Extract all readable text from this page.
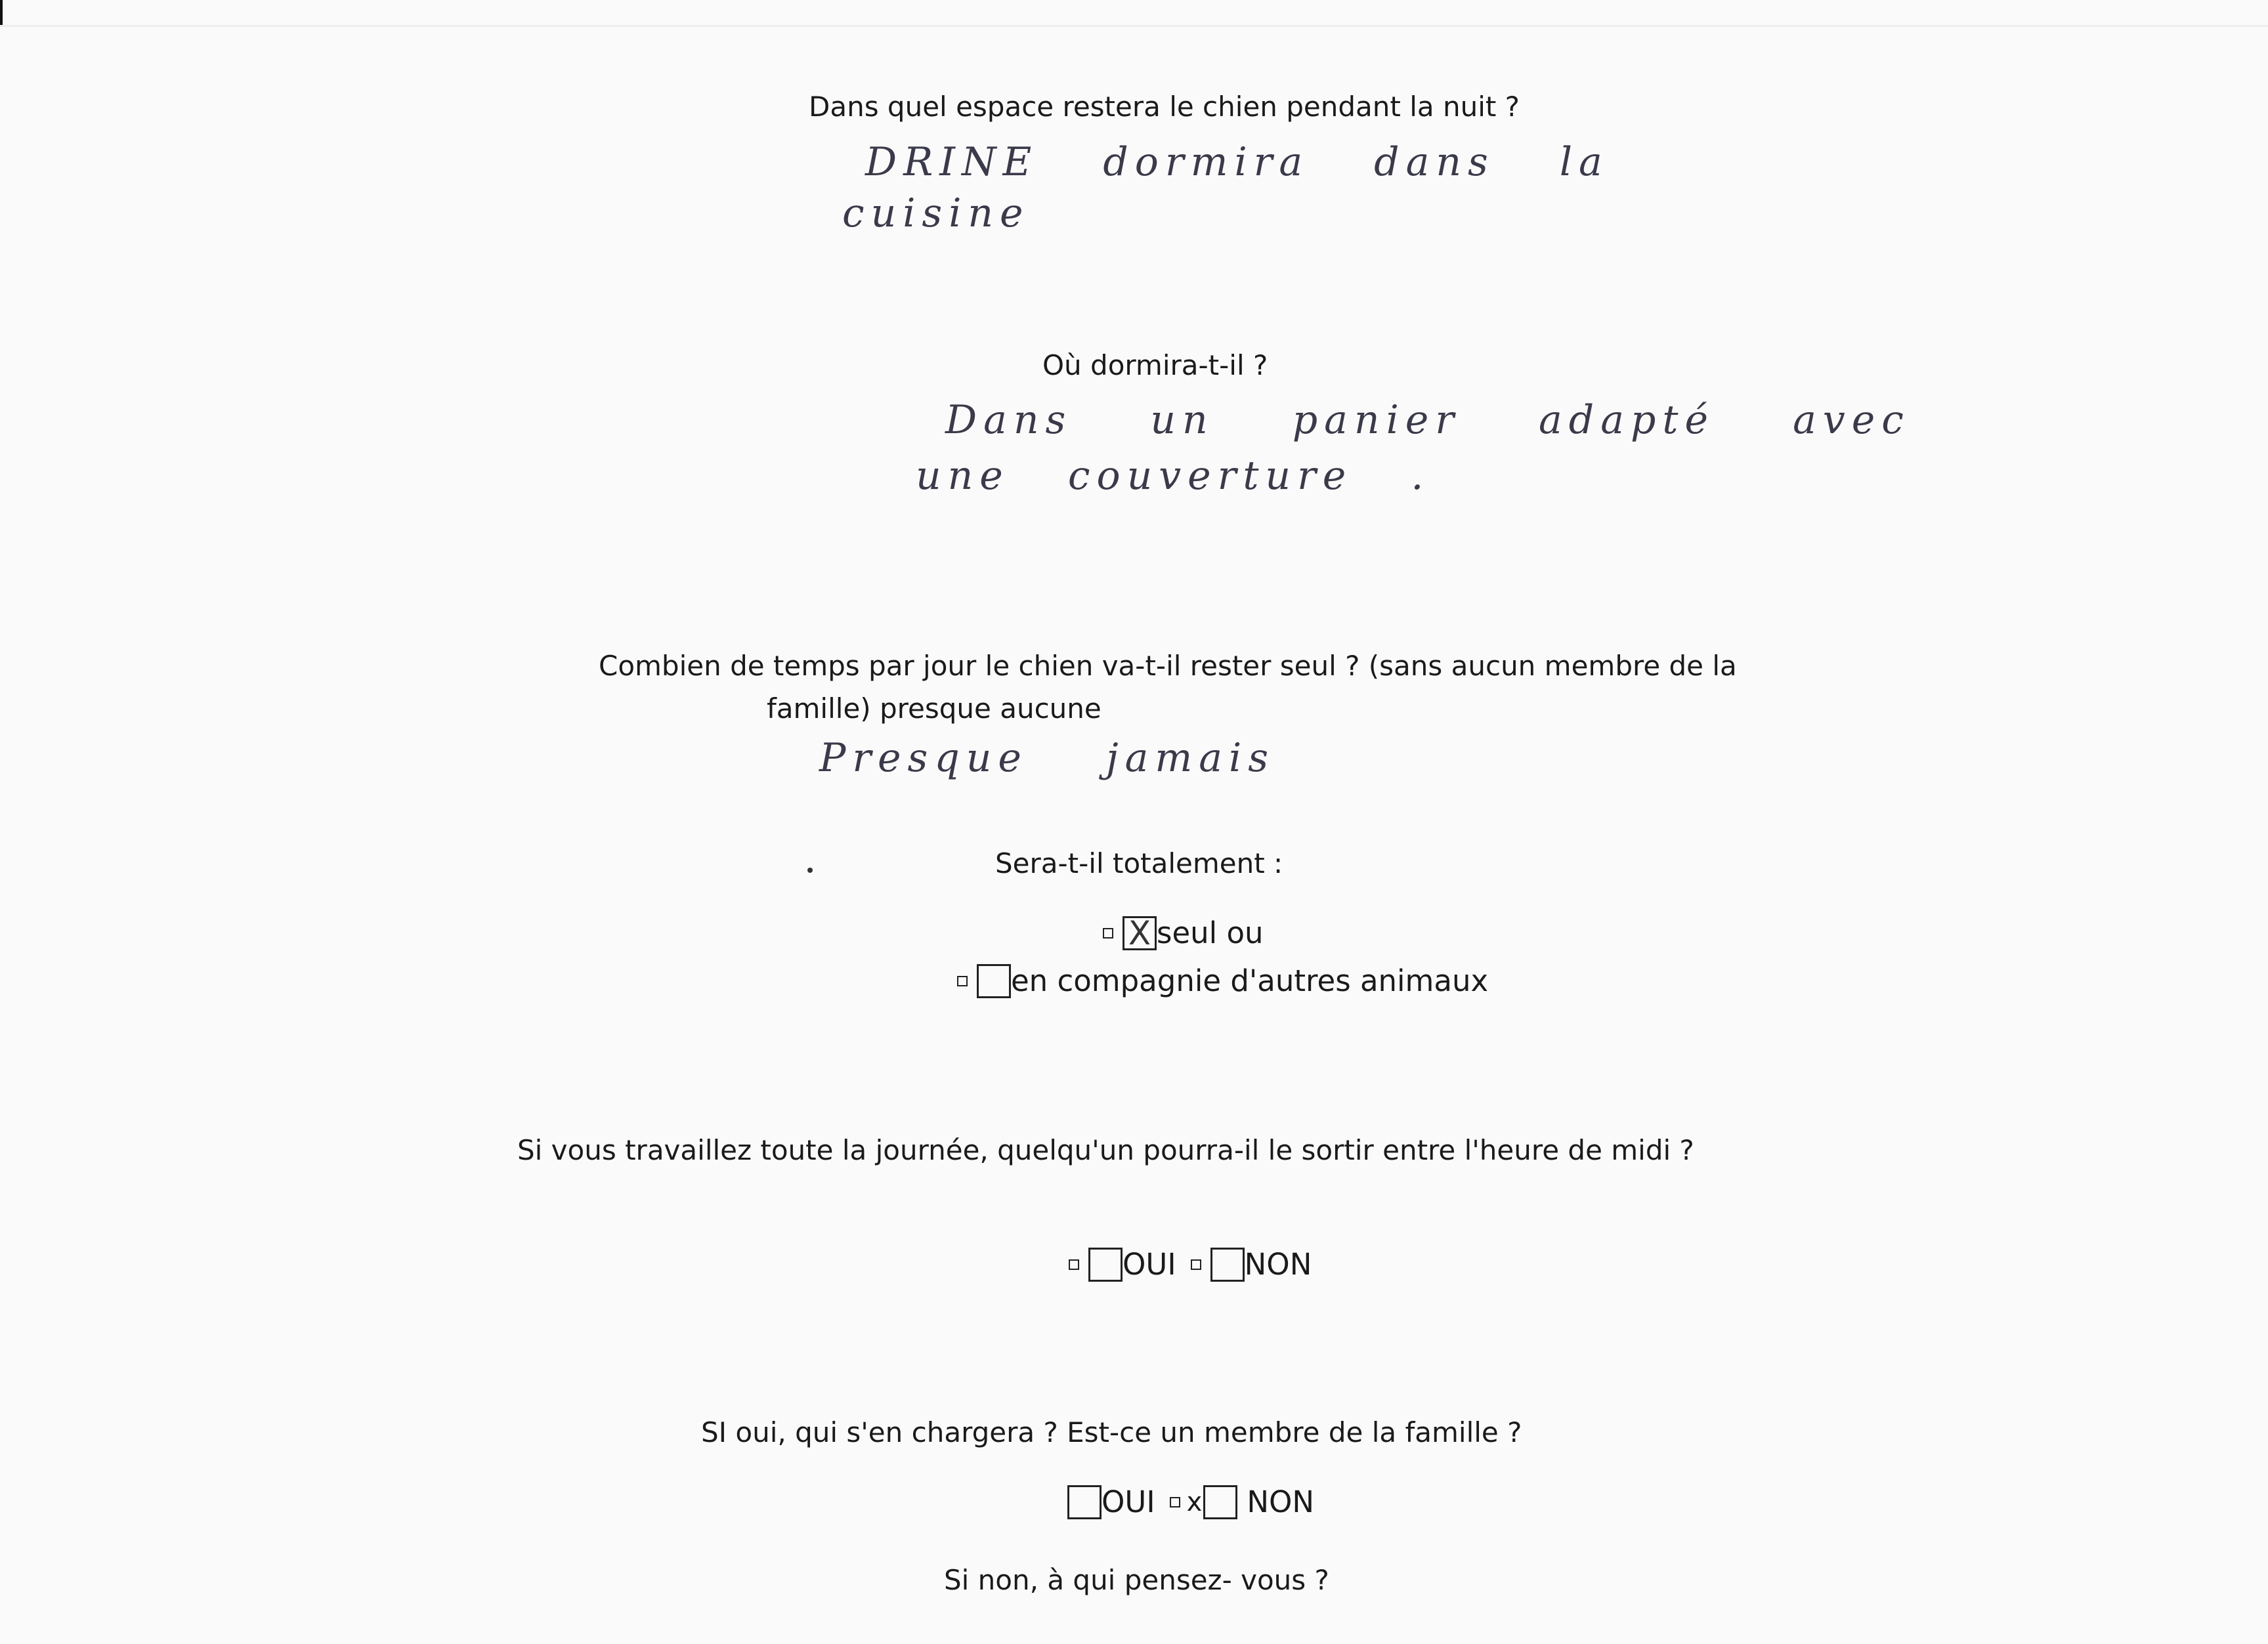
Dans quel espace restera le chien pendant la nuit ?
DRINE dormira dans la
cuisine
Où dormira-t-il ?
Dans un panier adapté avec
une couverture .
Combien de temps par jour le chien va-t-il rester seul ? (sans aucun membre de la
famille) presque aucune
Presque jamais
Sera-t-il totalement :
X seul ou
en compagnie d'autres animaux
Si vous travaillez toute la journée, quelqu'un pourra-il le sortir entre l'heure de midi ?
OUI NON
SI oui, qui s'en chargera ? Est-ce un membre de la famille ?
OUI x NON
Si non, à qui pensez- vous ?
